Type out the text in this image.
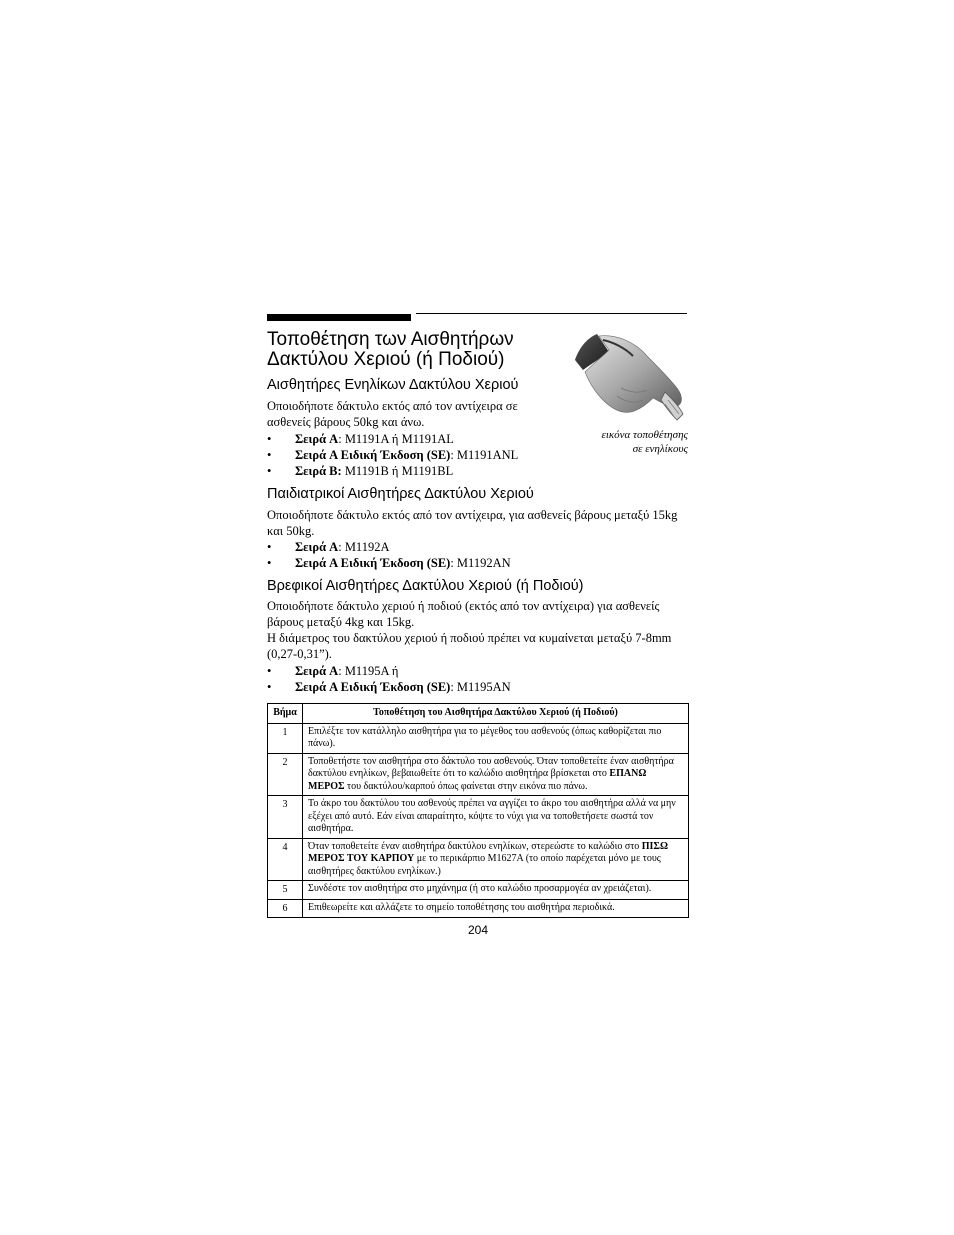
Τοποθέτηση των Αισθητήρων
Δακτύλου Χεριού (ή Ποδιού)
εικόνα τοποθέτησης
σε ενηλίκους
Αισθητήρες Ενηλίκων Δακτύλου Χεριού

Οποιοδήποτε δάκτυλο εκτός από τον αντίχειρα σε ασθενείς βάρους 50kg και άνω.

• Σειρά A: M1191A ή M1191AL
• Σειρά A Ειδική Έκδοση (SE): M1191ANL
• Σειρά B: M1191B ή M1191BL
Παιδιατρικοί Αισθητήρες Δακτύλου Χεριού

Οποιοδήποτε δάκτυλο εκτός από τον αντίχειρα, για ασθενείς βάρους μεταξύ 15kg και 50kg.

• Σειρά A: M1192A
• Σειρά A Ειδική Έκδοση (SE): M1192AN
Βρεφικοί Αισθητήρες Δακτύλου Χεριού (ή Ποδιού)

Οποιοδήποτε δάκτυλο χεριού ή ποδιού (εκτός από τον αντίχειρα) για ασθενείς βάρους μεταξύ 4kg και 15kg.

Η διάμετρος του δακτύλου χεριού ή ποδιού πρέπει να κυμαίνεται μεταξύ 7-8mm (0,27-0,31”).

• Σειρά A: M1195A ή
• Σειρά A Ειδική Έκδοση (SE): M1195AN
Βήμα	Τοποθέτηση του Αισθητήρα Δακτύλου Χεριού (ή Ποδιού)
1	Επιλέξτε τον κατάλληλο αισθητήρα για το μέγεθος του ασθενούς (όπως καθορίζεται πιο πάνω).
2	Τοποθετήστε τον αισθητήρα στο δάκτυλο του ασθενούς. Όταν τοποθετείτε έναν αισθητήρα δακτύλου ενηλίκων, βεβαιωθείτε ότι το καλώδιο αισθητήρα βρίσκεται στο ΕΠΑΝΩ ΜΕΡΟΣ του δακτύλου/καρπού όπως φαίνεται στην εικόνα πιο πάνω.
3	Το άκρο του δακτύλου του ασθενούς πρέπει να αγγίζει το άκρο του αισθητήρα αλλά να μην εξέχει από αυτό. Εάν είναι απαραίτητο, κόψτε το νύχι για να τοποθετήσετε σωστά τον αισθητήρα.
4	Όταν τοποθετείτε έναν αισθητήρα δακτύλου ενηλίκων, στερεώστε το καλώδιο στο ΠΙΣΩ ΜΕΡΟΣ ΤΟΥ ΚΑΡΠΟΥ με το περικάρπιο M1627A (το οποίο παρέχεται μόνο με τους αισθητήρες δακτύλου ενηλίκων.)
5	Συνδέστε τον αισθητήρα στο μηχάνημα (ή στο καλώδιο προσαρμογέα αν χρειάζεται).
6	Επιθεωρείτε και αλλάζετε το σημείο τοποθέτησης του αισθητήρα περιοδικά.
204
